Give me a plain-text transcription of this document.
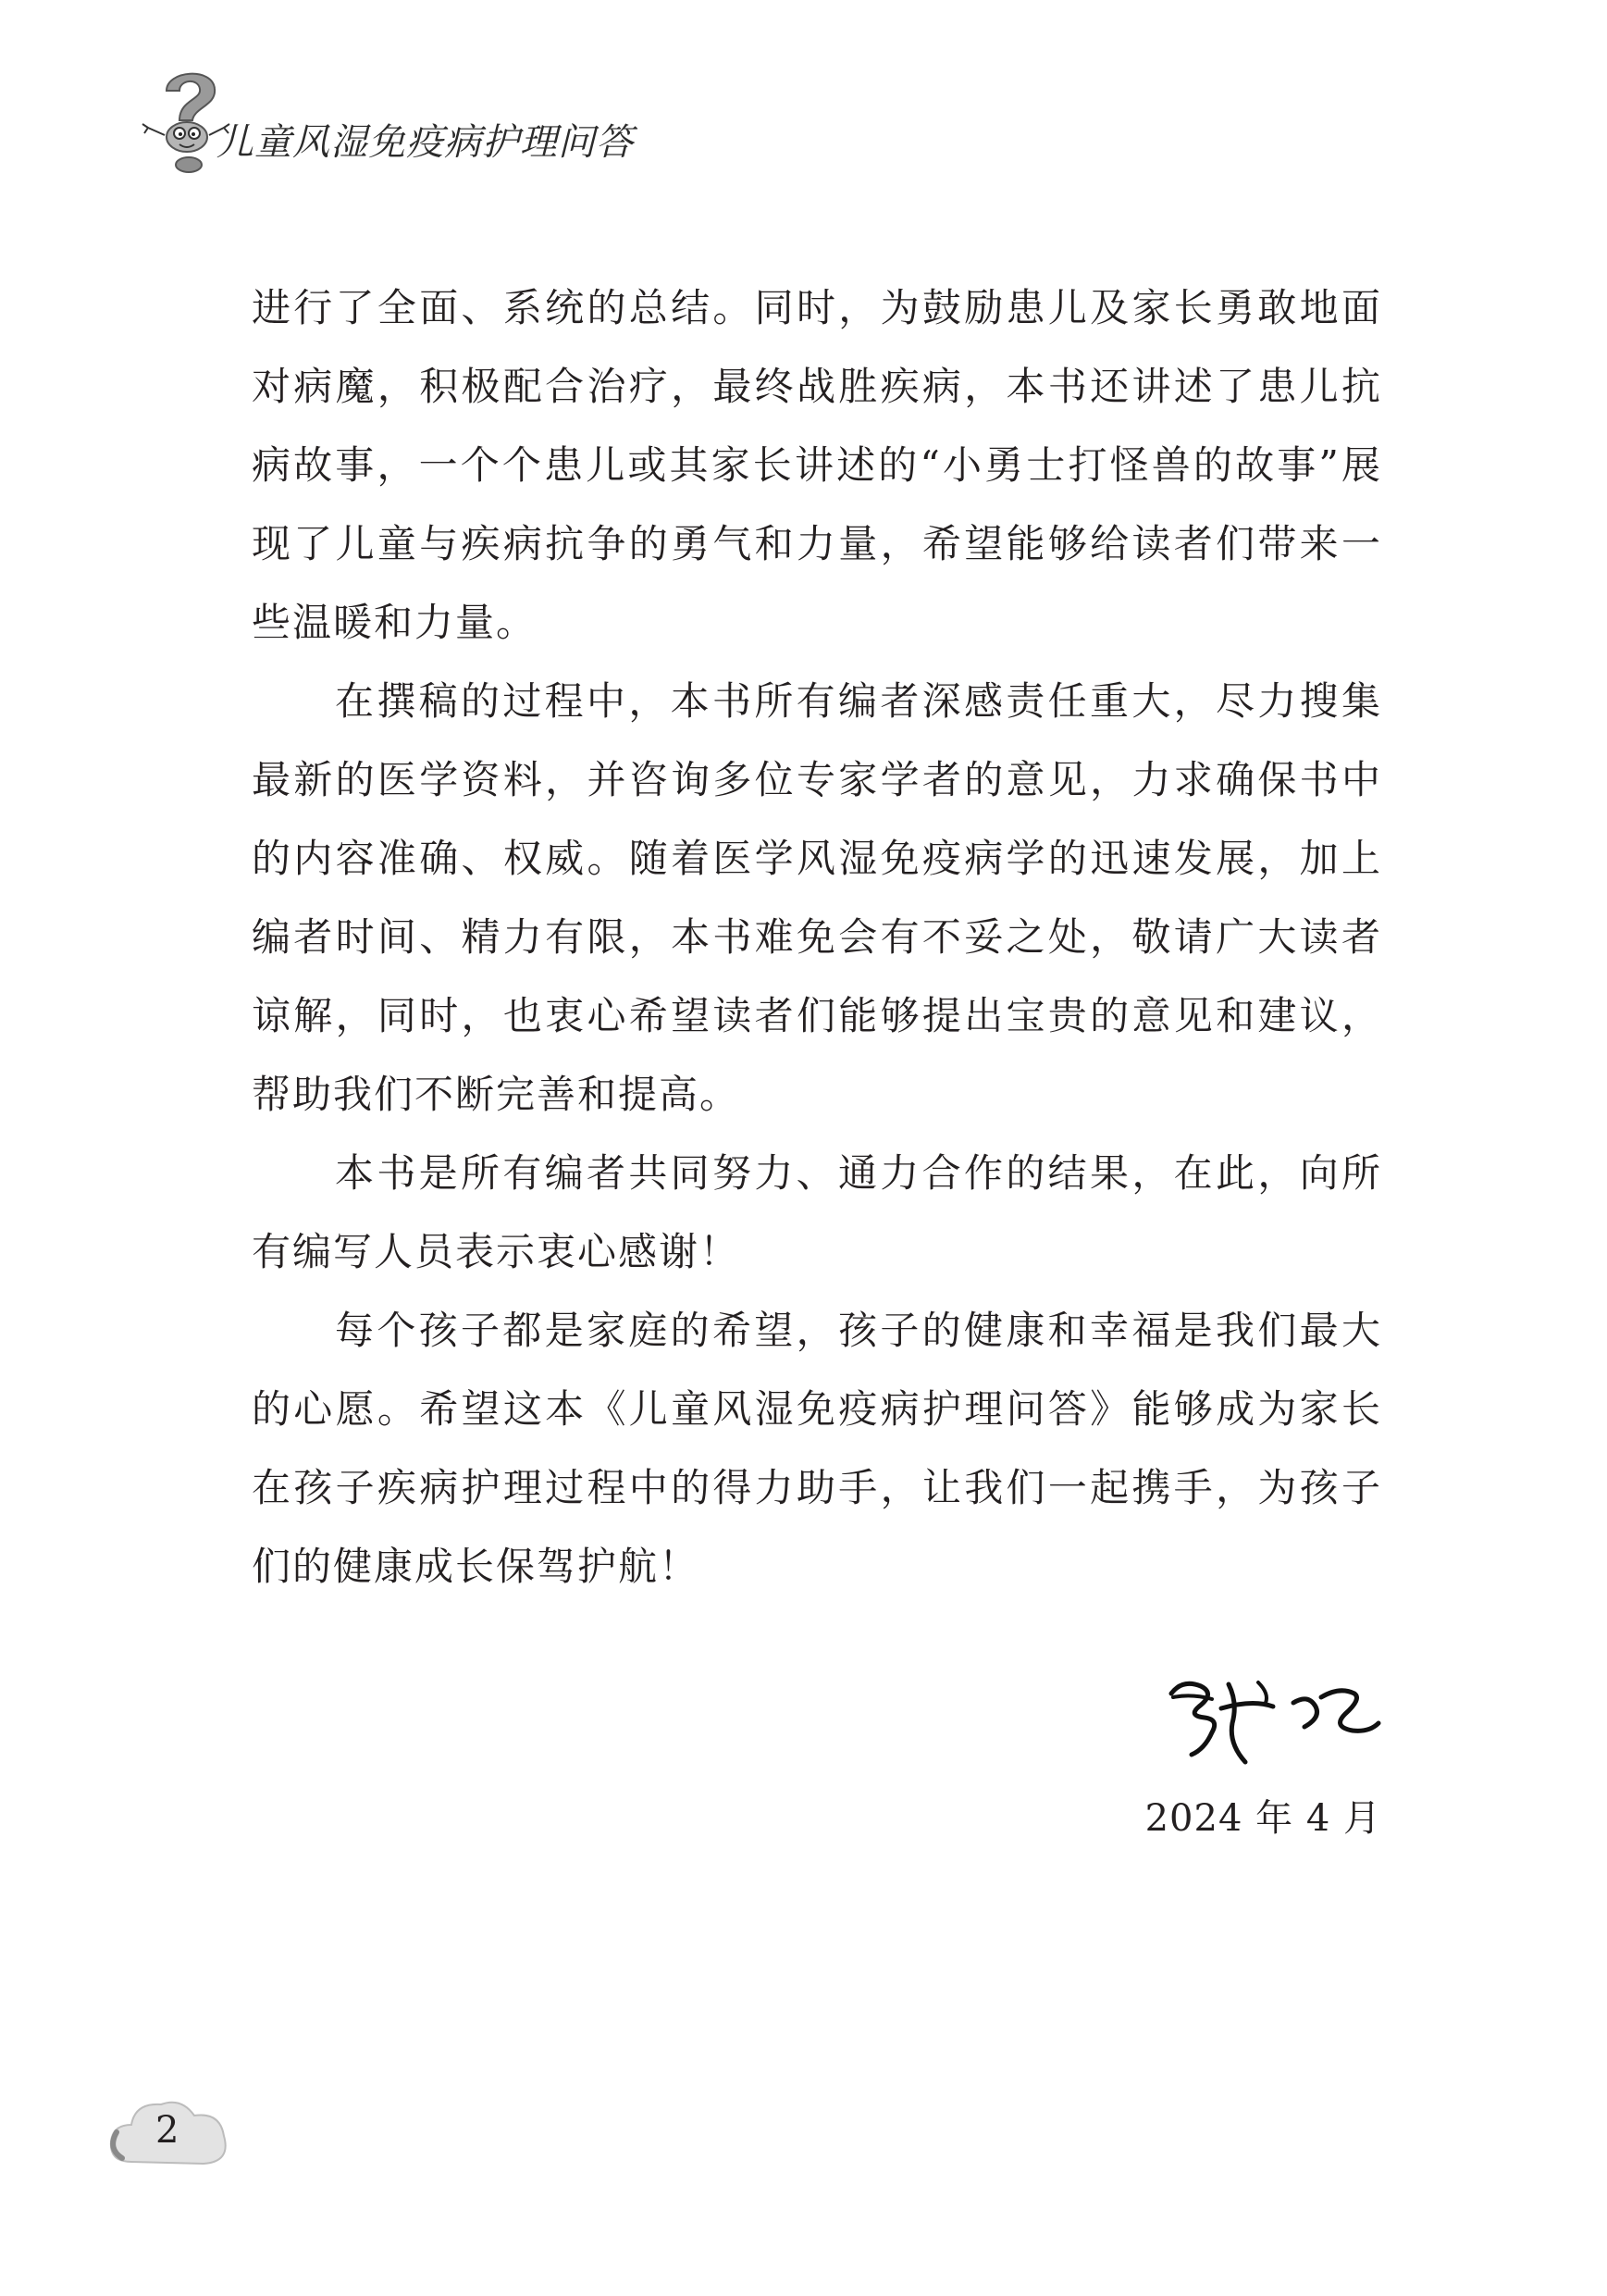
儿童风湿免疫病护理问答

进行了全面、系统的总结。同时，为鼓励患儿及家长勇敢地面对病魔，积极配合治疗，最终战胜疾病，本书还讲述了患儿抗病故事，一个个患儿或其家长讲述的“小勇士打怪兽的故事”展现了儿童与疾病抗争的勇气和力量，希望能够给读者们带来一些温暖和力量。

在撰稿的过程中，本书所有编者深感责任重大，尽力搜集最新的医学资料，并咨询多位专家学者的意见，力求确保书中的内容准确、权威。随着医学风湿免疫病学的迅速发展，加上编者时间、精力有限，本书难免会有不妥之处，敬请广大读者谅解，同时，也衷心希望读者们能够提出宝贵的意见和建议，帮助我们不断完善和提高。

本书是所有编者共同努力、通力合作的结果，在此，向所有编写人员表示衷心感谢！

每个孩子都是家庭的希望，孩子的健康和幸福是我们最大的心愿。希望这本《儿童风湿免疫病护理问答》能够成为家长在孩子疾病护理过程中的得力助手，让我们一起携手，为孩子们的健康成长保驾护航！

2024 年 4 月
2
